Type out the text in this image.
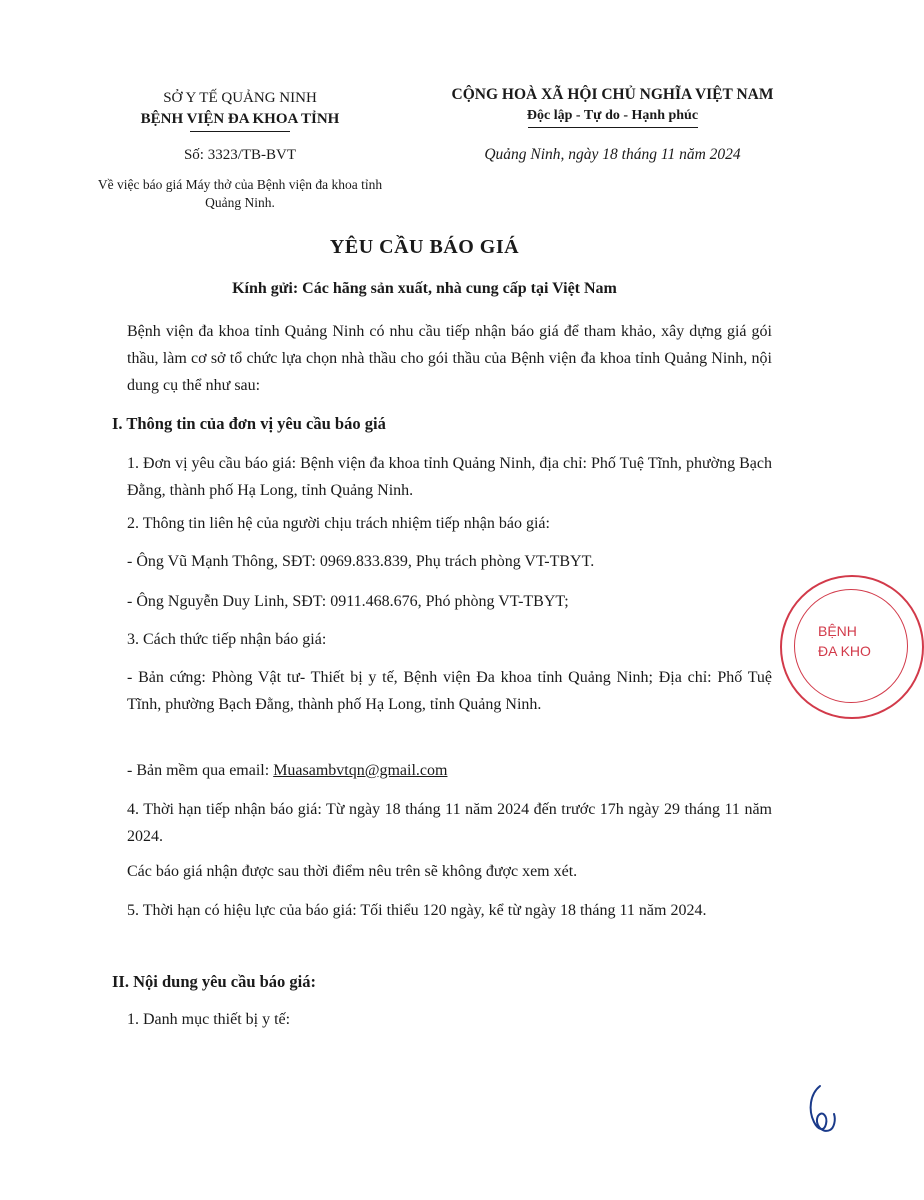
SỞ Y TẾ QUẢNG NINH
BỆNH VIỆN ĐA KHOA TỈNH
CỘNG HOÀ XÃ HỘI CHỦ NGHĨA VIỆT NAM
Độc lập - Tự do - Hạnh phúc
Số: 3323/TB-BVT
Về việc báo giá Máy thở của Bệnh viện đa khoa tỉnh Quảng Ninh.
Quảng Ninh, ngày 18 tháng 11 năm 2024
YÊU CẦU BÁO GIÁ
Kính gửi: Các hãng sản xuất, nhà cung cấp tại Việt Nam
Bệnh viện đa khoa tỉnh Quảng Ninh có nhu cầu tiếp nhận báo giá để tham khảo, xây dựng giá gói thầu, làm cơ sở tổ chức lựa chọn nhà thầu cho gói thầu của Bệnh viện đa khoa tỉnh Quảng Ninh, nội dung cụ thể như sau:
I. Thông tin của đơn vị yêu cầu báo giá
1. Đơn vị yêu cầu báo giá: Bệnh viện đa khoa tỉnh Quảng Ninh, địa chỉ: Phố Tuệ Tĩnh, phường Bạch Đằng, thành phố Hạ Long, tỉnh Quảng Ninh.
2. Thông tin liên hệ của người chịu trách nhiệm tiếp nhận báo giá:
- Ông Vũ Mạnh Thông, SĐT: 0969.833.839, Phụ trách phòng VT-TBYT.
- Ông Nguyễn Duy Linh, SĐT: 0911.468.676, Phó phòng VT-TBYT;
3. Cách thức tiếp nhận báo giá:
- Bản cứng: Phòng Vật tư- Thiết bị y tế, Bệnh viện Đa khoa tỉnh Quảng Ninh; Địa chỉ: Phố Tuệ Tĩnh, phường Bạch Đằng, thành phố Hạ Long, tỉnh Quảng Ninh.
- Bản mềm qua email: Muasambvtqn@gmail.com
4. Thời hạn tiếp nhận báo giá: Từ ngày 18 tháng 11 năm 2024 đến trước 17h ngày 29 tháng 11 năm 2024.
Các báo giá nhận được sau thời điểm nêu trên sẽ không được xem xét.
5. Thời hạn có hiệu lực của báo giá: Tối thiểu 120 ngày, kể từ ngày 18 tháng 11 năm 2024.
II. Nội dung yêu cầu báo giá:
1. Danh mục thiết bị y tế:
BỆNH
ĐA KHO
